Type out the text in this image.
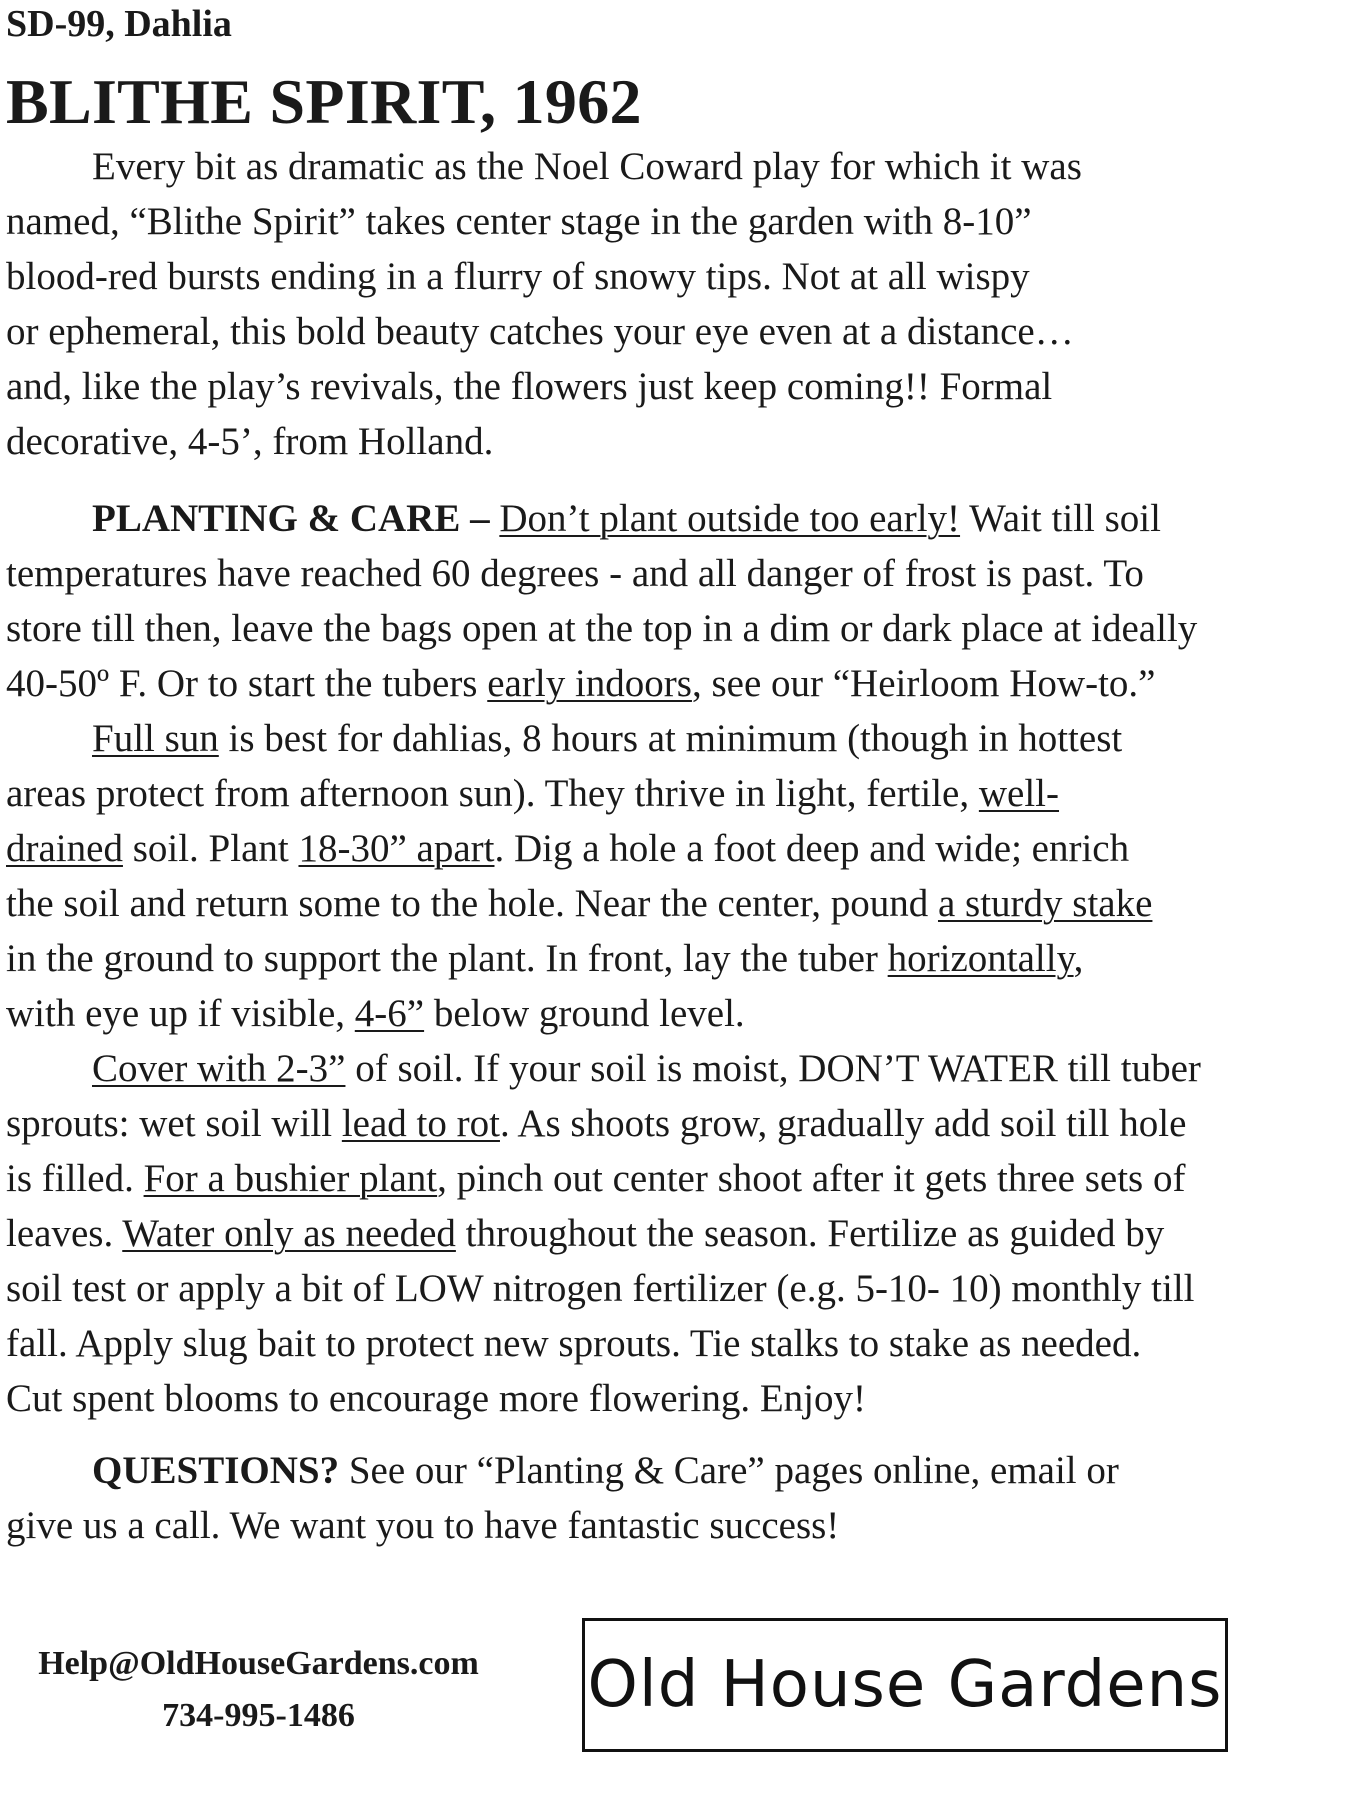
SD-99, Dahlia
BLITHE SPIRIT, 1962
Every bit as dramatic as the Noel Coward play for which it was
named, “Blithe Spirit” takes center stage in the garden with 8-10”
blood-red bursts ending in a flurry of snowy tips. Not at all wispy
or ephemeral, this bold beauty catches your eye even at a distance…
and, like the play’s revivals, the flowers just keep coming!! Formal
decorative, 4-5’, from Holland.
PLANTING & CARE – Don’t plant outside too early! Wait till soil
temperatures have reached 60 degrees - and all danger of frost is past. To
store till then, leave the bags open at the top in a dim or dark place at ideally
40-50º F. Or to start the tubers early indoors, see our “Heirloom How-to.”
Full sun is best for dahlias, 8 hours at minimum (though in hottest
areas protect from afternoon sun). They thrive in light, fertile, well-
drained soil. Plant 18-30” apart. Dig a hole a foot deep and wide; enrich
the soil and return some to the hole. Near the center, pound a sturdy stake
in the ground to support the plant. In front, lay the tuber horizontally,
with eye up if visible, 4-6” below ground level.
Cover with 2-3” of soil. If your soil is moist, DON’T WATER till tuber
sprouts: wet soil will lead to rot. As shoots grow, gradually add soil till hole
is filled. For a bushier plant, pinch out center shoot after it gets three sets of
leaves. Water only as needed throughout the season. Fertilize as guided by
soil test or apply a bit of LOW nitrogen fertilizer (e.g. 5-10- 10) monthly till
fall. Apply slug bait to protect new sprouts. Tie stalks to stake as needed.
Cut spent blooms to encourage more flowering. Enjoy!
QUESTIONS? See our “Planting & Care” pages online, email or
give us a call. We want you to have fantastic success!
Help@OldHouseGardens.com
734-995-1486	Old House Gardens
